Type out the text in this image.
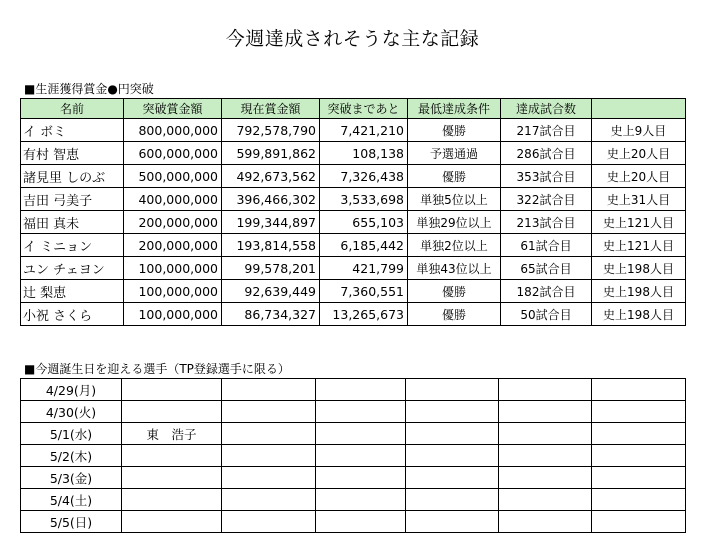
今週達成されそうな主な記録
■生涯獲得賞金●円突破
名前	突破賞金額	現在賞金額	突破まであと	最低達成条件	達成試合数	
イ ボミ	800,000,000	792,578,790	7,421,210	優勝	217試合目	史上9人目
有村 智恵	600,000,000	599,891,862	108,138	予選通過	286試合目	史上20人目
諸見里 しのぶ	500,000,000	492,673,562	7,326,438	優勝	353試合目	史上20人目
吉田 弓美子	400,000,000	396,466,302	3,533,698	単独5位以上	322試合目	史上31人目
福田 真未	200,000,000	199,344,897	655,103	単独29位以上	213試合目	史上121人目
イ ミニョン	200,000,000	193,814,558	6,185,442	単独2位以上	61試合目	史上121人目
ユン チェヨン	100,000,000	99,578,201	421,799	単独43位以上	65試合目	史上198人目
辻 梨恵	100,000,000	92,639,449	7,360,551	優勝	182試合目	史上198人目
小祝 さくら	100,000,000	86,734,327	13,265,673	優勝	50試合目	史上198人目
■今週誕生日を迎える選手（TP登録選手に限る）
4/29(月)						
4/30(火)						
5/1(水)	東　浩子					
5/2(木)						
5/3(金)						
5/4(土)						
5/5(日)						
